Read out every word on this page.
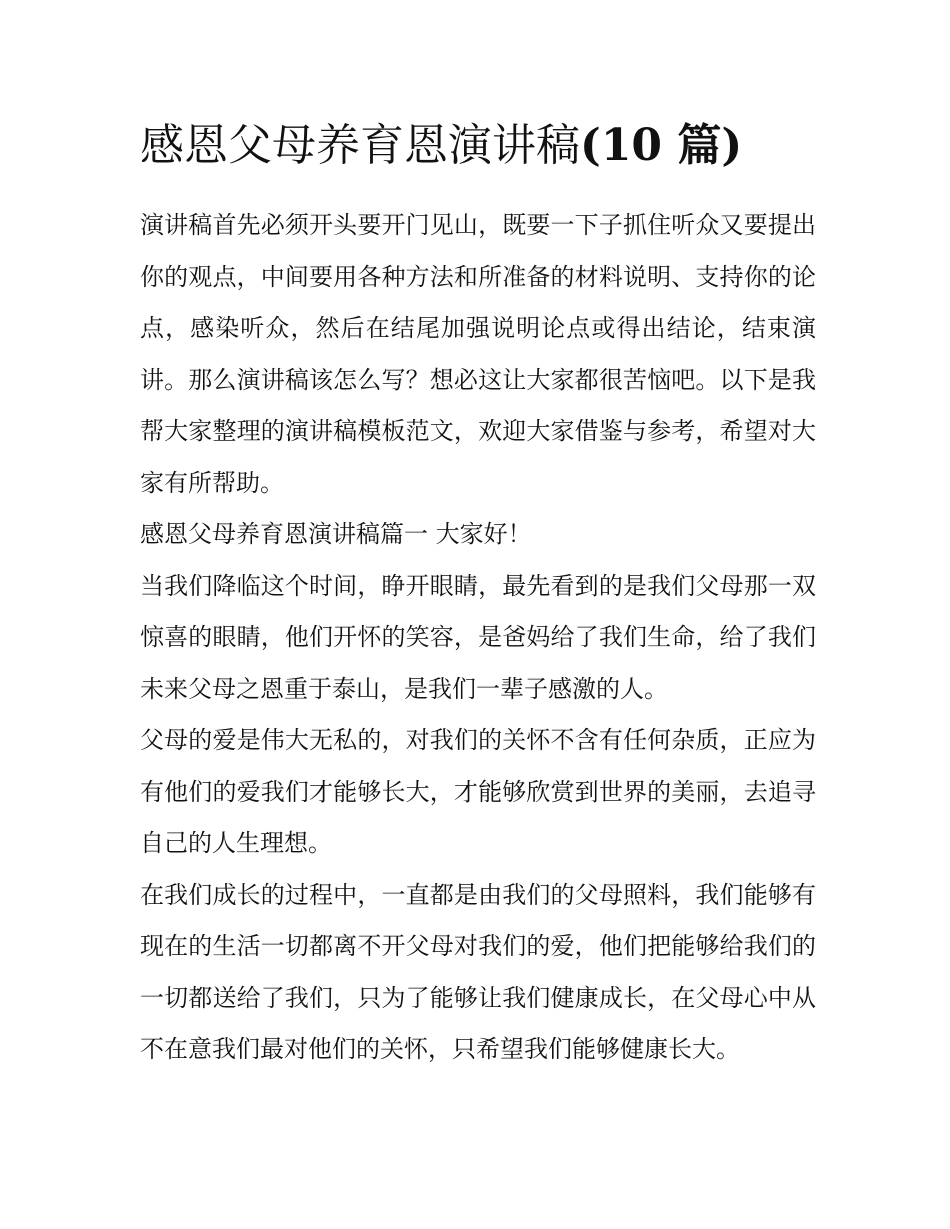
感恩父母养育恩演讲稿(10 篇)

演讲稿首先必须开头要开门见山，既要一下子抓住听众又要提出你的观点，中间要用各种方法和所准备的材料说明、支持你的论点，感染听众，然后在结尾加强说明论点或得出结论，结束演讲。那么演讲稿该怎么写？想必这让大家都很苦恼吧。以下是我帮大家整理的演讲稿模板范文，欢迎大家借鉴与参考，希望对大家有所帮助。

感恩父母养育恩演讲稿篇一 大家好！

当我们降临这个时间，睁开眼睛，最先看到的是我们父母那一双惊喜的眼睛，他们开怀的笑容，是爸妈给了我们生命，给了我们未来父母之恩重于泰山，是我们一辈子感激的人。

父母的爱是伟大无私的，对我们的关怀不含有任何杂质，正应为有他们的爱我们才能够长大，才能够欣赏到世界的美丽，去追寻自己的人生理想。

在我们成长的过程中，一直都是由我们的父母照料，我们能够有现在的生活一切都离不开父母对我们的爱，他们把能够给我们的一切都送给了我们，只为了能够让我们健康成长，在父母心中从不在意我们最对他们的关怀，只希望我们能够健康长大。
